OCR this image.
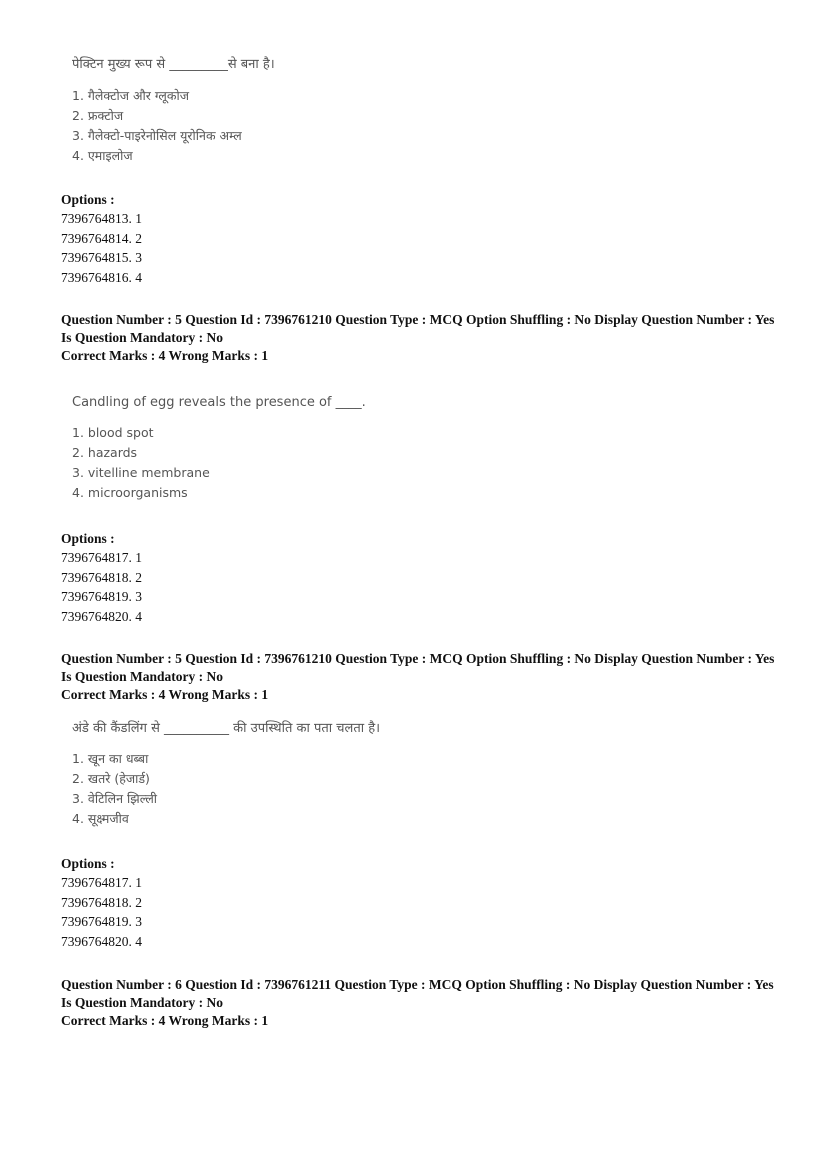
पेक्टिन मुख्य रूप से _________से बना है।
1. गैलेक्टोज और ग्लूकोज
2. फ्रक्टोज
3. गैलेक्टो-पाइरेनोसिल यूरोनिक अम्ल
4. एमाइलोज
Options :
7396764813. 1
7396764814. 2
7396764815. 3
7396764816. 4
Question Number : 5 Question Id : 7396761210 Question Type : MCQ Option Shuffling : No Display Question Number : Yes
Is Question Mandatory : No
Correct Marks : 4 Wrong Marks : 1
Candling of egg reveals the presence of ____.
1. blood spot
2. hazards
3. vitelline membrane
4. microorganisms
Options :
7396764817. 1
7396764818. 2
7396764819. 3
7396764820. 4
Question Number : 5 Question Id : 7396761210 Question Type : MCQ Option Shuffling : No Display Question Number : Yes
Is Question Mandatory : No
Correct Marks : 4 Wrong Marks : 1
अंडे की कैंडलिंग से __________ की उपस्थिति का पता चलता है।
1. खून का धब्बा
2. खतरे (हेजार्ड)
3. वेटिलिन झिल्ली
4. सूक्ष्मजीव
Options :
7396764817. 1
7396764818. 2
7396764819. 3
7396764820. 4
Question Number : 6 Question Id : 7396761211 Question Type : MCQ Option Shuffling : No Display Question Number : Yes
Is Question Mandatory : No
Correct Marks : 4 Wrong Marks : 1
